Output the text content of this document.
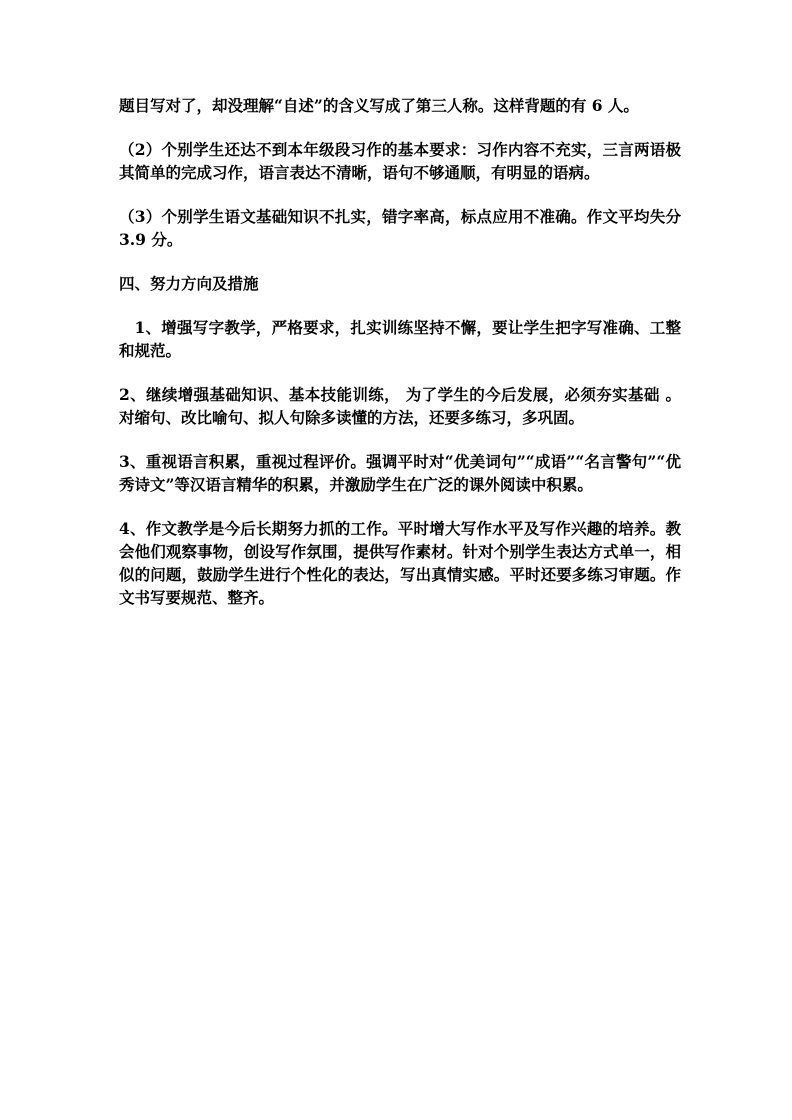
题目写对了，却没理解“自述”的含义写成了第三人称。这样背题的有 6 人。

（2）个别学生还达不到本年级段习作的基本要求：习作内容不充实，三言两语极其简单的完成习作，语言表达不清晰，语句不够通顺，有明显的语病。

（3）个别学生语文基础知识不扎实，错字率高，标点应用不准确。作文平均失分 3.9 分。

四、努力方向及措施

1、增强写字教学，严格要求，扎实训练坚持不懈，要让学生把字写准确、工整和规范。

2、继续增强基础知识、基本技能训练， 为了学生的今后发展，必须夯实基础 。对缩句、改比喻句、拟人句除多读懂的方法，还要多练习，多巩固。

3、重视语言积累，重视过程评价。强调平时对“优美词句”“成语”“名言警句”“优秀诗文”等汉语言精华的积累，并激励学生在广泛的课外阅读中积累。

4、作文教学是今后长期努力抓的工作。平时增大写作水平及写作兴趣的培养。教会他们观察事物，创设写作氛围，提供写作素材。针对个别学生表达方式单一，相似的问题，鼓励学生进行个性化的表达，写出真情实感。平时还要多练习审题。作文书写要规范、整齐。
